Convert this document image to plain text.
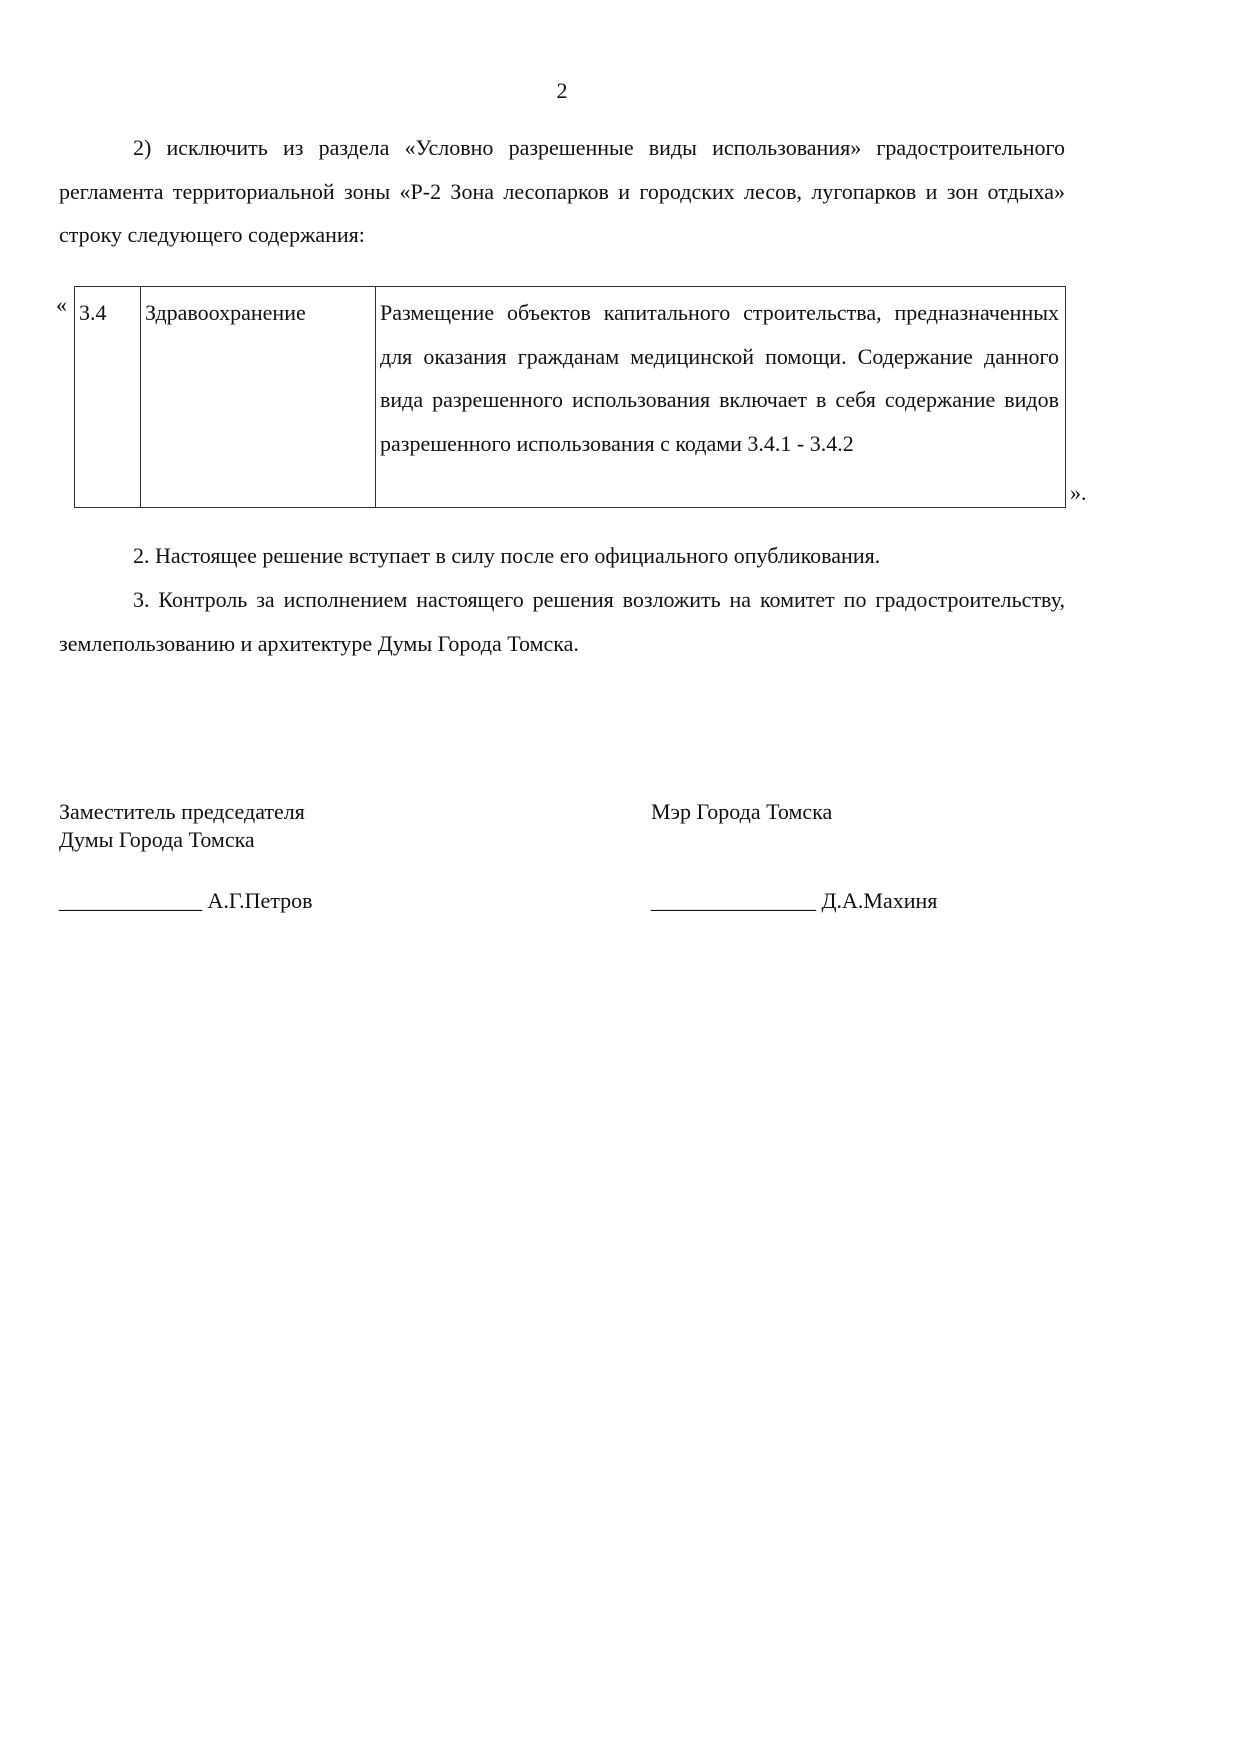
2

2) исключить из раздела «Условно разрешенные виды использования» градостроительного регламента территориальной зоны «Р-2 Зона лесопарков и городских лесов, лугопарков и зон отдыха» строку следующего содержания:

« 3.4	Здравоохранение	Размещение объектов капитального строительства, предназначенных для оказания гражданам медицинской помощи. Содержание данного вида разрешенного использования включает в себя содержание видов разрешенного использования с кодами 3.4.1 - 3.4.2
».

2. Настоящее решение вступает в силу после его официального опубликования.

3. Контроль за исполнением настоящего решения возложить на комитет по градостроительству, землепользованию и архитектуре Думы Города Томска.

Заместитель председателя
Думы Города Томска
Мэр Города Томска
_____________ А.Г.Петров	_______________ Д.А.Махиня
